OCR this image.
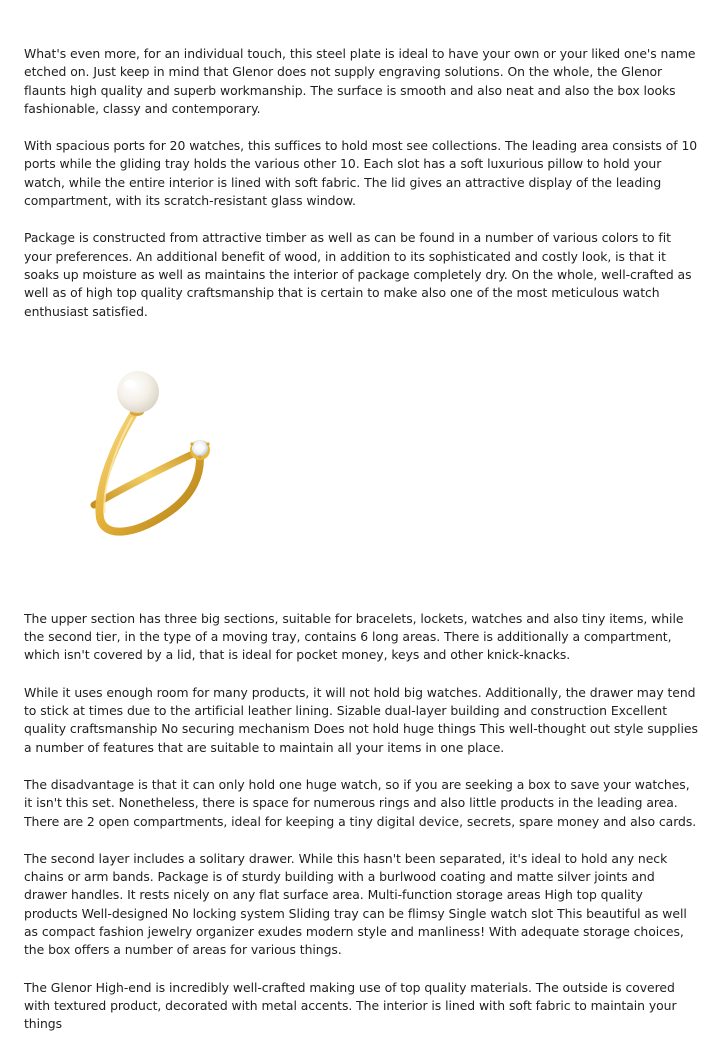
What's even more, for an individual touch, this steel plate is ideal to have your own or your liked one's name etched on. Just keep in mind that Glenor does not supply engraving solutions. On the whole, the Glenor flaunts high quality and superb workmanship. The surface is smooth and also neat and also the box looks fashionable, classy and contemporary.

With spacious ports for 20 watches, this suffices to hold most see collections. The leading area consists of 10 ports while the gliding tray holds the various other 10. Each slot has a soft luxurious pillow to hold your watch, while the entire interior is lined with soft fabric. The lid gives an attractive display of the leading compartment, with its scratch-resistant glass window.

Package is constructed from attractive timber as well as can be found in a number of various colors to fit your preferences. An additional benefit of wood, in addition to its sophisticated and costly look, is that it soaks up moisture as well as maintains the interior of package completely dry. On the whole, well-crafted as well as of high top quality craftsmanship that is certain to make also one of the most meticulous watch enthusiast satisfied.

The upper section has three big sections, suitable for bracelets, lockets, watches and also tiny items, while the second tier, in the type of a moving tray, contains 6 long areas. There is additionally a compartment, which isn't covered by a lid, that is ideal for pocket money, keys and other knick-knacks.

While it uses enough room for many products, it will not hold big watches. Additionally, the drawer may tend to stick at times due to the artificial leather lining. Sizable dual-layer building and construction Excellent quality craftsmanship No securing mechanism Does not hold huge things This well-thought out style supplies a number of features that are suitable to maintain all your items in one place.

The disadvantage is that it can only hold one huge watch, so if you are seeking a box to save your watches, it isn't this set. Nonetheless, there is space for numerous rings and also little products in the leading area. There are 2 open compartments, ideal for keeping a tiny digital device, secrets, spare money and also cards.

The second layer includes a solitary drawer. While this hasn't been separated, it's ideal to hold any neck chains or arm bands. Package is of sturdy building with a burlwood coating and matte silver joints and drawer handles. It rests nicely on any flat surface area. Multi-function storage areas High top quality products Well-designed No locking system Sliding tray can be flimsy Single watch slot This beautiful as well as compact fashion jewelry organizer exudes modern style and manliness! With adequate storage choices, the box offers a number of areas for various things.

The Glenor High-end is incredibly well-crafted making use of top quality materials. The outside is covered with textured product, decorated with metal accents. The interior is lined with soft fabric to maintain your things
